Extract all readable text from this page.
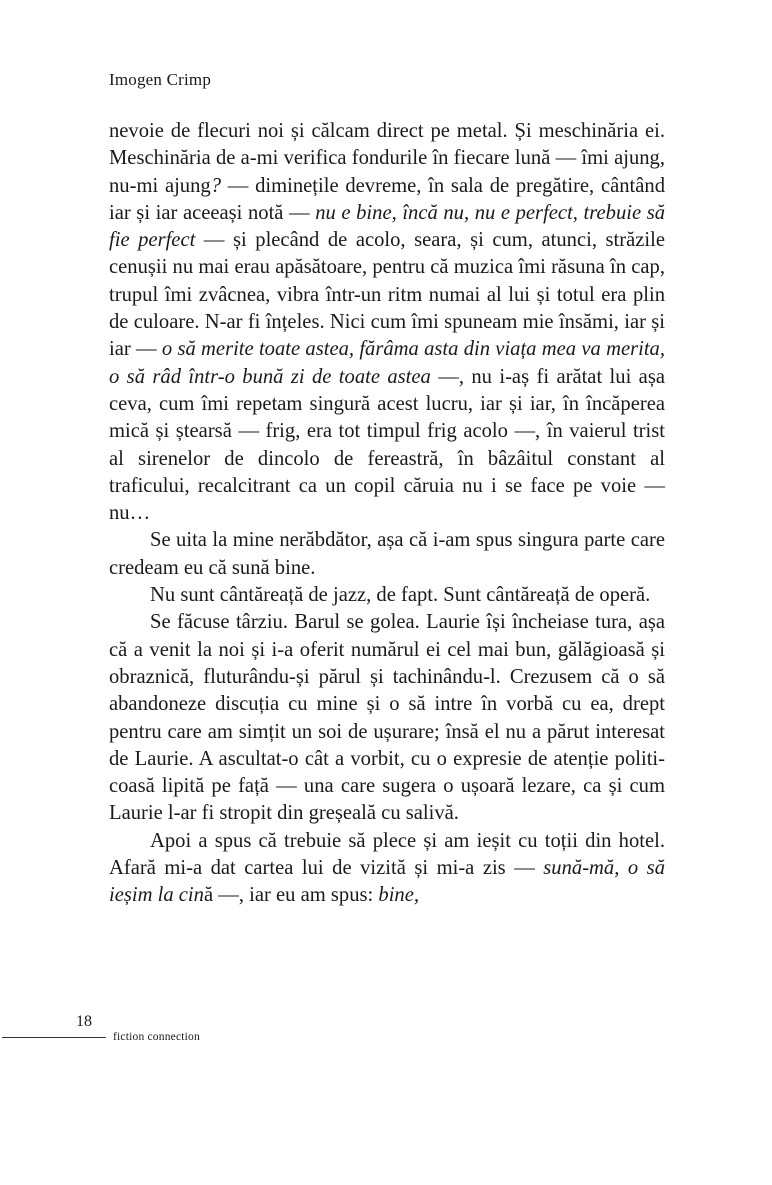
Imogen Crimp

nevoie de flecuri noi și călcam direct pe metal. Și meschinăria ei. Meschinăria de a-mi verifica fondurile în fiecare lună — îmi ajung, nu-mi ajung? — diminețile devreme, în sala de pregătire, cântând iar și iar aceeași notă — nu e bine, încă nu, nu e perfect, trebuie să fie perfect — și plecând de acolo, seara, și cum, atunci, străzile cenușii nu mai erau apăsătoare, pentru că muzica îmi răsuna în cap, trupul îmi zvâcnea, vibra într-un ritm numai al lui și totul era plin de culoare. N-ar fi înțeles. Nici cum îmi spuneam mie însămi, iar și iar — o să merite toate astea, fărâma asta din viața mea va merita, o să râd într-o bună zi de toate astea —, nu i-aș fi arătat lui așa ceva, cum îmi repetam singură acest lucru, iar și iar, în încăperea mică și ștearsă — frig, era tot timpul frig acolo —, în vaierul trist al sirenelor de dincolo de fereastră, în bâzâitul constant al traficului, recalcitrant ca un copil căruia nu i se face pe voie — nu…

Se uita la mine nerăbdător, așa că i-am spus singura parte care credeam eu că sună bine.

Nu sunt cântăreață de jazz, de fapt. Sunt cântăreață de operă.

Se făcuse târziu. Barul se golea. Laurie își încheiase tura, așa că a venit la noi și i-a oferit numărul ei cel mai bun, gălăgioasă și obraznică, fluturându-și părul și tachinându-l. Crezusem că o să abandoneze discuția cu mine și o să intre în vorbă cu ea, drept pentru care am simțit un soi de ușurare; însă el nu a părut interesat de Laurie. A ascultat-o cât a vorbit, cu o expresie de atenție politicoasă lipită pe față — una care sugera o ușoară lezare, ca și cum Laurie l-ar fi stropit din greșeală cu salivă.

Apoi a spus că trebuie să plece și am ieșit cu toții din hotel. Afară mi-a dat cartea lui de vizită și mi-a zis — sună-mă, o să ieșim la cină —, iar eu am spus: bine,

18
fiction connection
